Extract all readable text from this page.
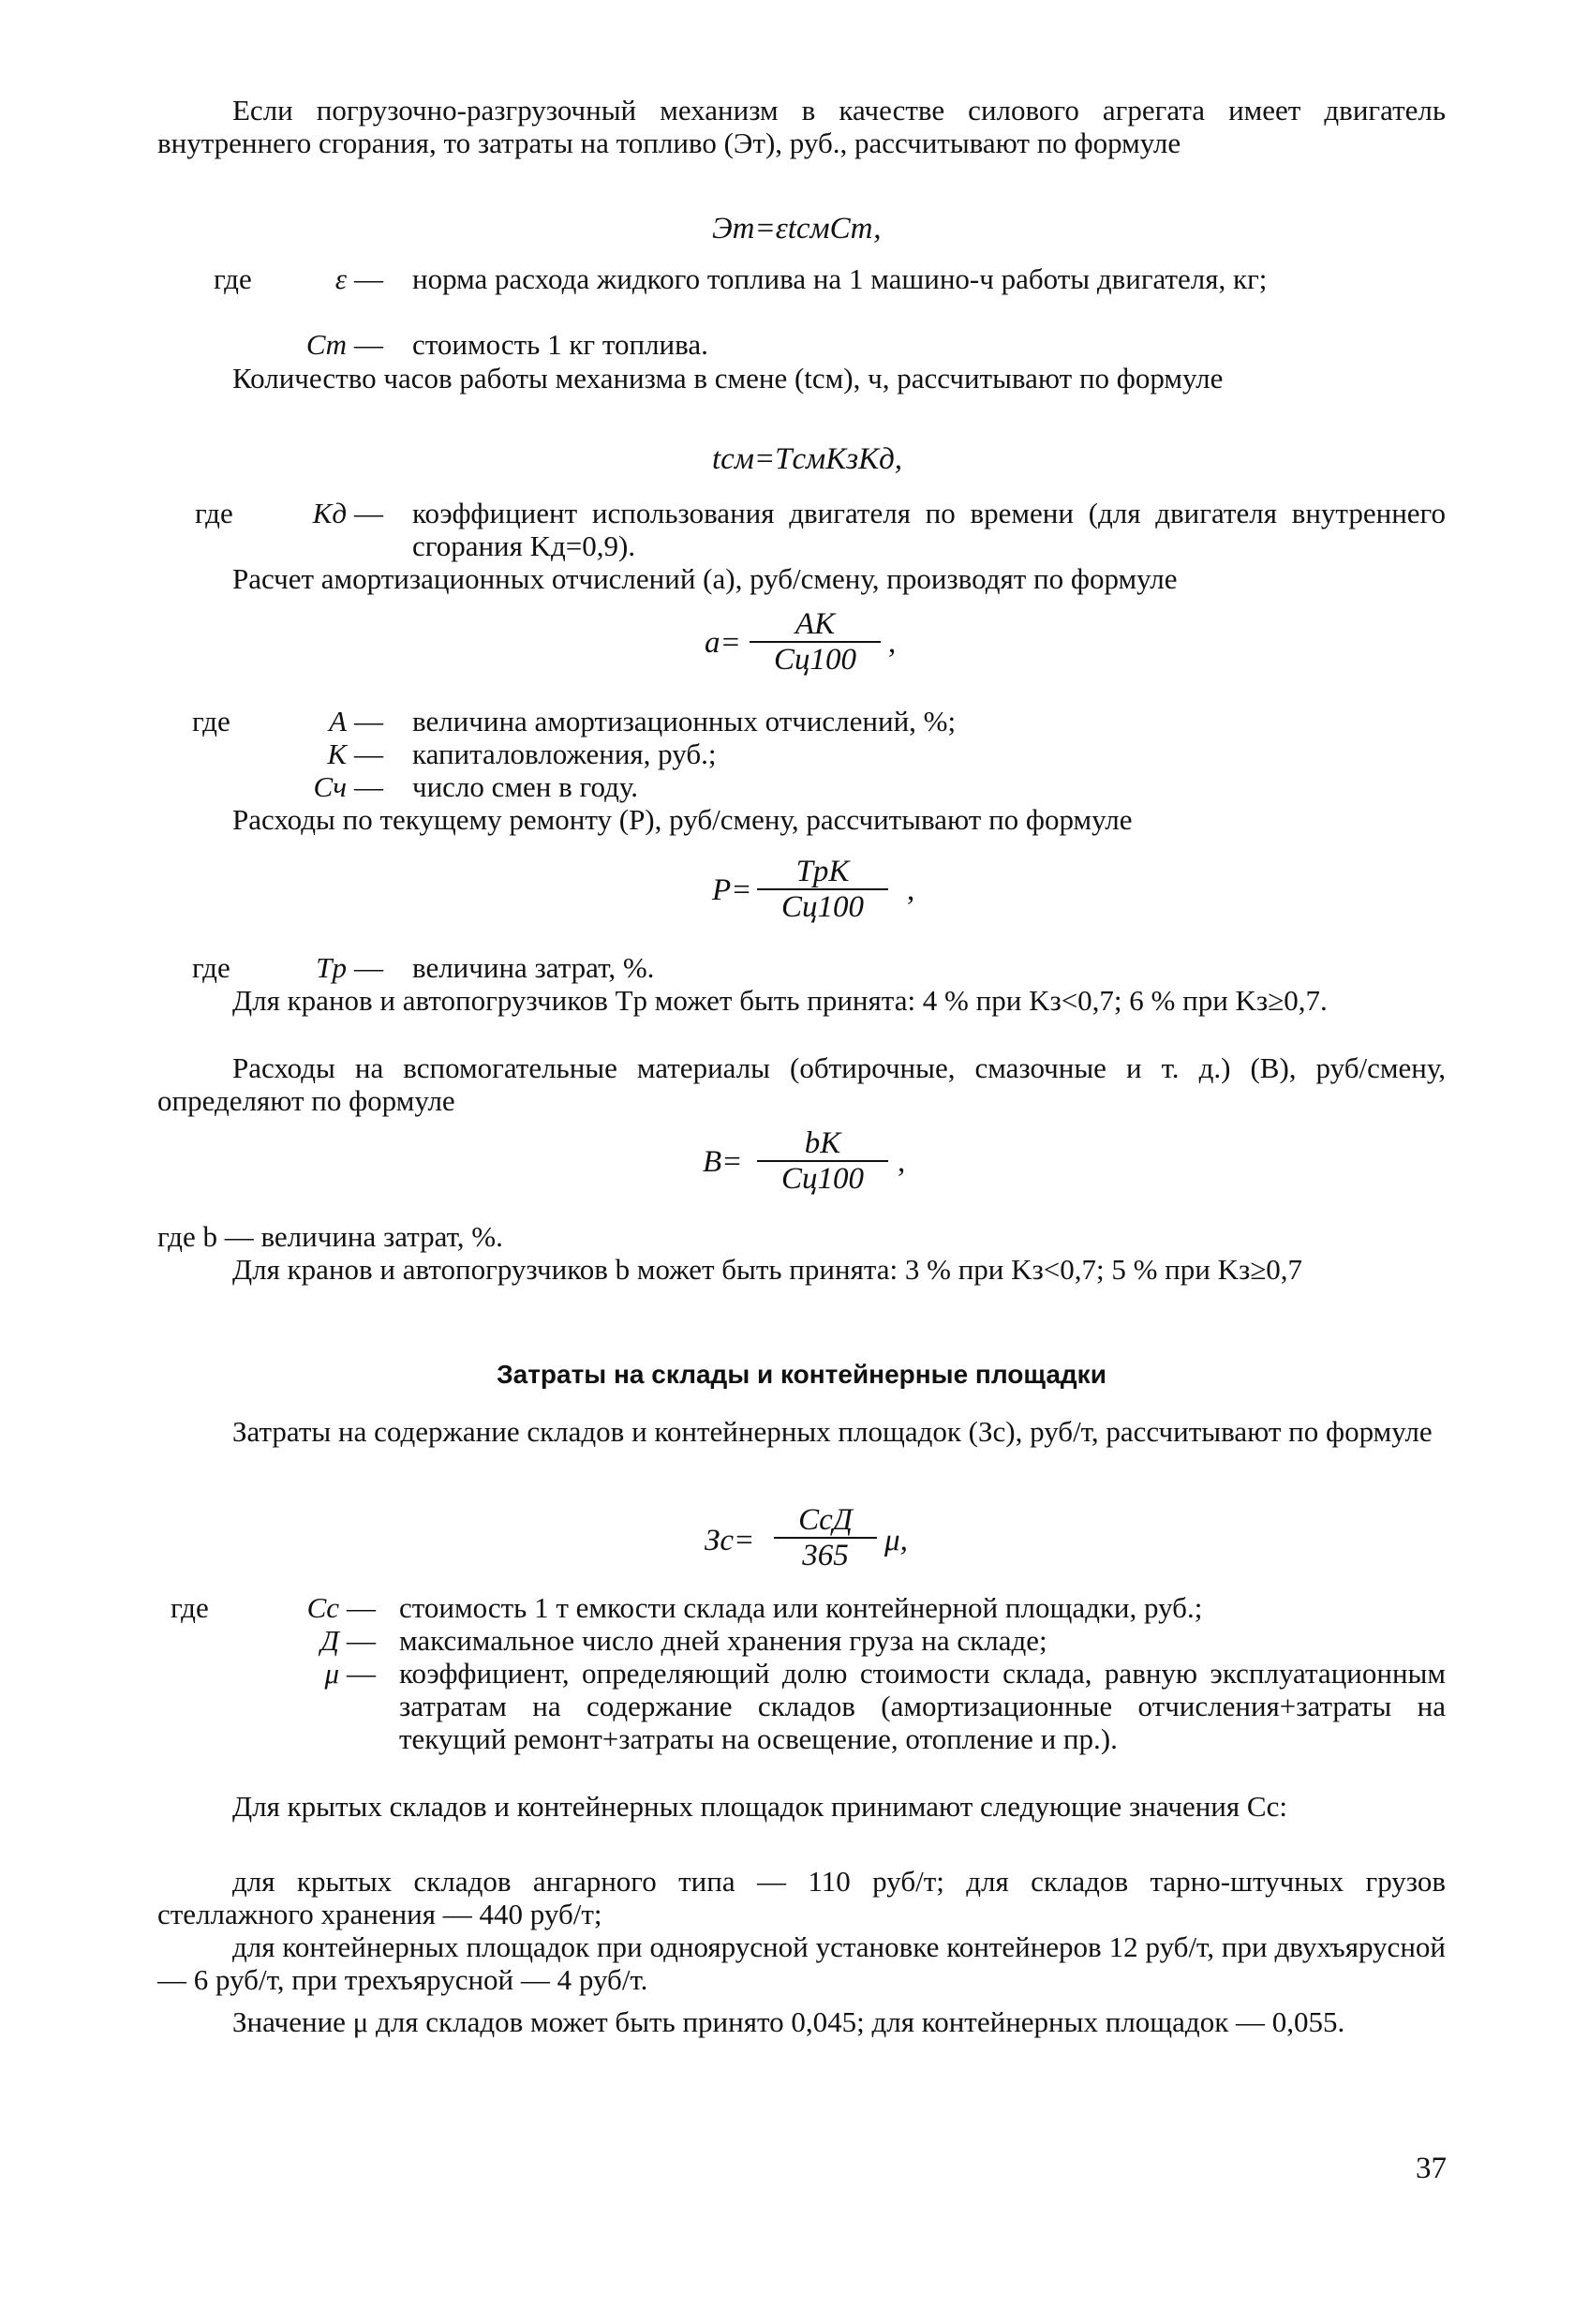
Если погрузочно-разгрузочный механизм в качестве силового агрегата имеет двигатель внутреннего сгорания, то затраты на топливо (Эт), руб., рассчитывают по формуле

Эт=εtсмCт,
где	ε — норма расхода жидкого топлива на 1 машино-ч работы двигателя, кг;
Cт — стоимость 1 кг топлива.

Количество часов работы механизма в смене (tсм), ч, рассчитывают по формуле

tсм=TсмKзKд,
где	Kд — коэффициент использования двигателя по времени (для двигателя внутреннего сгорания Kд=0,9).

Расчет амортизационных отчислений (a), руб/смену, производят по формуле

a=
AK
Cц100	,
где	A — величина амортизационных отчислений, %;
K — капиталовложения, руб.;
Cч — число смен в году.

Расходы по текущему ремонту (P), руб/смену, рассчитывают по формуле

P=
TpK
Cц100	,
где	Tр — величина затрат, %.

Для кранов и автопогрузчиков Tр может быть принята: 4 % при Kз<0,7; 6 % при Kз≥0,7.

Расходы на вспомогательные материалы (обтирочные, смазочные и т. д.) (B), руб/смену, определяют по формуле

B=
bK
Cц100	,

где b — величина затрат, %.

Для кранов и автопогрузчиков b может быть принята: 3 % при Kз<0,7; 5 % при Kз≥0,7

Затраты на склады и контейнерные площадки

Затраты на содержание складов и контейнерных площадок (Зс), руб/т, рассчитывают по формуле

Зс=
CсД
365	μ,
где	Cс — стоимость 1 т емкости склада или контейнерной площадки, руб.;
Д — максимальное число дней хранения груза на складе;
μ — коэффициент, определяющий долю стоимости склада, равную эксплуатационным затратам на содержание складов (амортизационные отчисления+затраты на текущий ремонт+затраты на освещение, отопление и пр.).

Для крытых складов и контейнерных площадок принимают следующие значения Cс:

для крытых складов ангарного типа — 110 руб/т; для складов тарно-штучных грузов стеллажного хранения — 440 руб/т;

для контейнерных площадок при одноярусной установке контейнеров 12 руб/т, при двухъярусной — 6 руб/т, при трехъярусной — 4 руб/т.

Значение μ для складов может быть принято 0,045; для контейнерных площадок — 0,055.

37
